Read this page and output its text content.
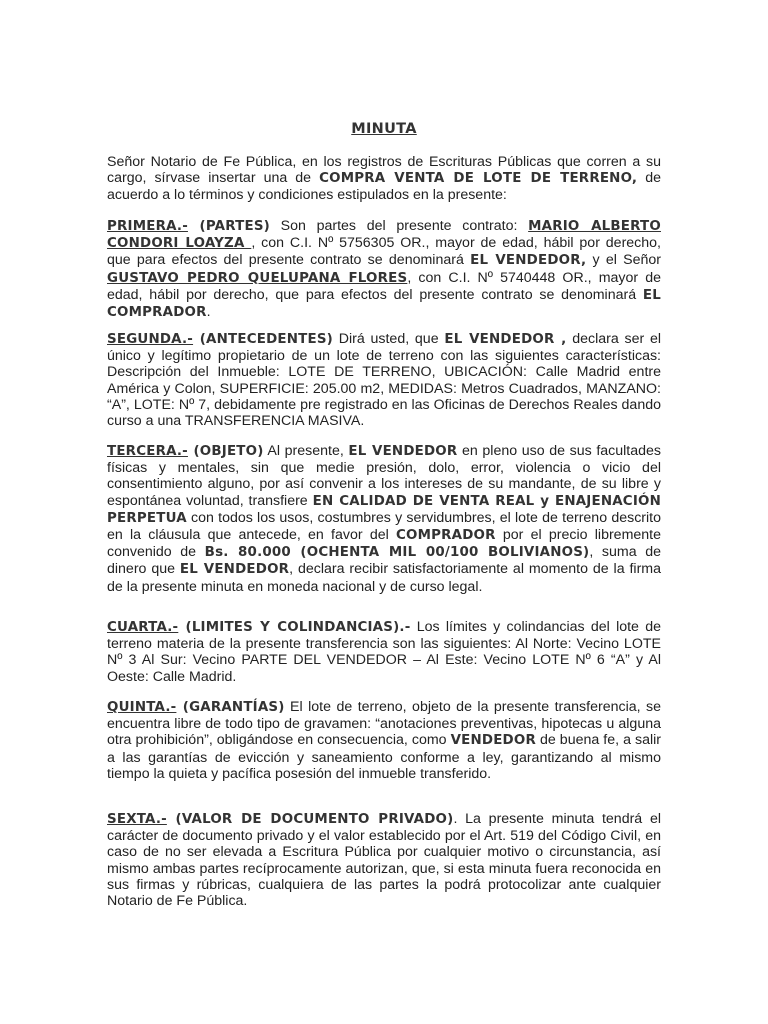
MINUTA

Señor Notario de Fe Pública, en los registros de Escrituras Públicas que corren a su cargo, sírvase insertar una de COMPRA VENTA DE LOTE DE TERRENO, de acuerdo a lo términos y condiciones estipulados en la presente:

PRIMERA.- (PARTES) Son partes del presente contrato: MARIO ALBERTO CONDORI LOAYZA , con C.I. Nº 5756305 OR., mayor de edad, hábil por derecho, que para efectos del presente contrato se denominará EL VENDEDOR, y el Señor GUSTAVO PEDRO QUELUPANA FLORES, con C.I. Nº 5740448 OR., mayor de edad, hábil por derecho, que para efectos del presente contrato se denominará EL COMPRADOR.

SEGUNDA.- (ANTECEDENTES) Dirá usted, que EL VENDEDOR , declara ser el único y legítimo propietario de un lote de terreno con las siguientes características: Descripción del Inmueble: LOTE DE TERRENO, UBICACIÓN: Calle Madrid entre América y Colon, SUPERFICIE: 205.00 m2, MEDIDAS: Metros Cuadrados, MANZANO: “A”, LOTE: Nº 7, debidamente pre registrado en las Oficinas de Derechos Reales dando curso a una TRANSFERENCIA MASIVA.

TERCERA.- (OBJETO) Al presente, EL VENDEDOR en pleno uso de sus facultades físicas y mentales, sin que medie presión, dolo, error, violencia o vicio del consentimiento alguno, por así convenir a los intereses de su mandante, de su libre y espontánea voluntad, transfiere EN CALIDAD DE VENTA REAL y ENAJENACIÓN PERPETUA con todos los usos, costumbres y servidumbres, el lote de terreno descrito en la cláusula que antecede, en favor del COMPRADOR por el precio libremente convenido de Bs. 80.000 (OCHENTA MIL 00/100 BOLIVIANOS), suma de dinero que EL VENDEDOR, declara recibir satisfactoriamente al momento de la firma de la presente minuta en moneda nacional y de curso legal.

CUARTA.- (LIMITES Y COLINDANCIAS).- Los límites y colindancias del lote de terreno materia de la presente transferencia son las siguientes: Al Norte: Vecino LOTE Nº 3 Al Sur: Vecino PARTE DEL VENDEDOR – Al Este: Vecino LOTE Nº 6 “A” y Al Oeste: Calle Madrid.

QUINTA.- (GARANTÍAS) El lote de terreno, objeto de la presente transferencia, se encuentra libre de todo tipo de gravamen: “anotaciones preventivas, hipotecas u alguna otra prohibición”, obligándose en consecuencia, como VENDEDOR de buena fe, a salir a las garantías de evicción y saneamiento conforme a ley, garantizando al mismo tiempo la quieta y pacífica posesión del inmueble transferido.

SEXTA.- (VALOR DE DOCUMENTO PRIVADO). La presente minuta tendrá el carácter de documento privado y el valor establecido por el Art. 519 del Código Civil, en caso de no ser elevada a Escritura Pública por cualquier motivo o circunstancia, así mismo ambas partes recíprocamente autorizan, que, si esta minuta fuera reconocida en sus firmas y rúbricas, cualquiera de las partes la podrá protocolizar ante cualquier Notario de Fe Pública.
